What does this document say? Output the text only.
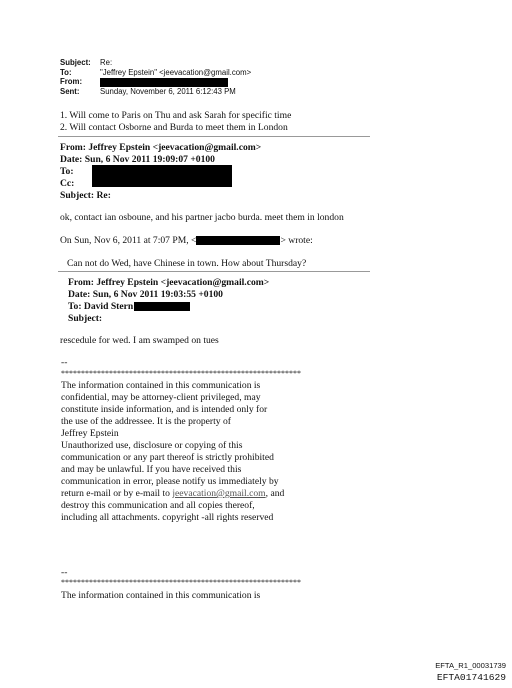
Subject: Re:
To:	"Jeffrey Epstein" <jeevacation@gmail.com>
From:
Sent:	Sunday, November 6, 2011 6:12:43 PM
1. Will come to Paris on Thu and ask Sarah for specific time
2. Will contact Osborne and Burda to meet them in London
From: Jeffrey Epstein <jeevacation@gmail.com>
Date: Sun, 6 Nov 2011 19:09:07 +0100
To:
Cc:
Subject: Re:
ok, contact ian osboune, and his partner jacbo burda. meet them in london
On Sun, Nov 6, 2011 at 7:07 PM, <	> wrote:
Can not do Wed, have Chinese in town. How about Thursday?
From: Jeffrey Epstein <jeevacation@gmail.com>
Date: Sun, 6 Nov 2011 19:03:55 +0100
To: David Stern
Subject:
rescedule for wed. I am swamped on tues
--
************************************************************
The information contained in this communication is
confidential, may be attorney-client privileged, may
constitute inside information, and is intended only for
the use of the addressee. It is the property of
Jeffrey Epstein
Unauthorized use, disclosure or copying of this
communication or any part thereof is strictly prohibited
and may be unlawful. If you have received this
communication in error, please notify us immediately by
return e-mail or by e-mail to jeevacation@gmail.com, and
destroy this communication and all copies thereof,
including all attachments. copyright -all rights reserved
--
************************************************************
The information contained in this communication is
EFTA_R1_00031739
EFTA01741629
